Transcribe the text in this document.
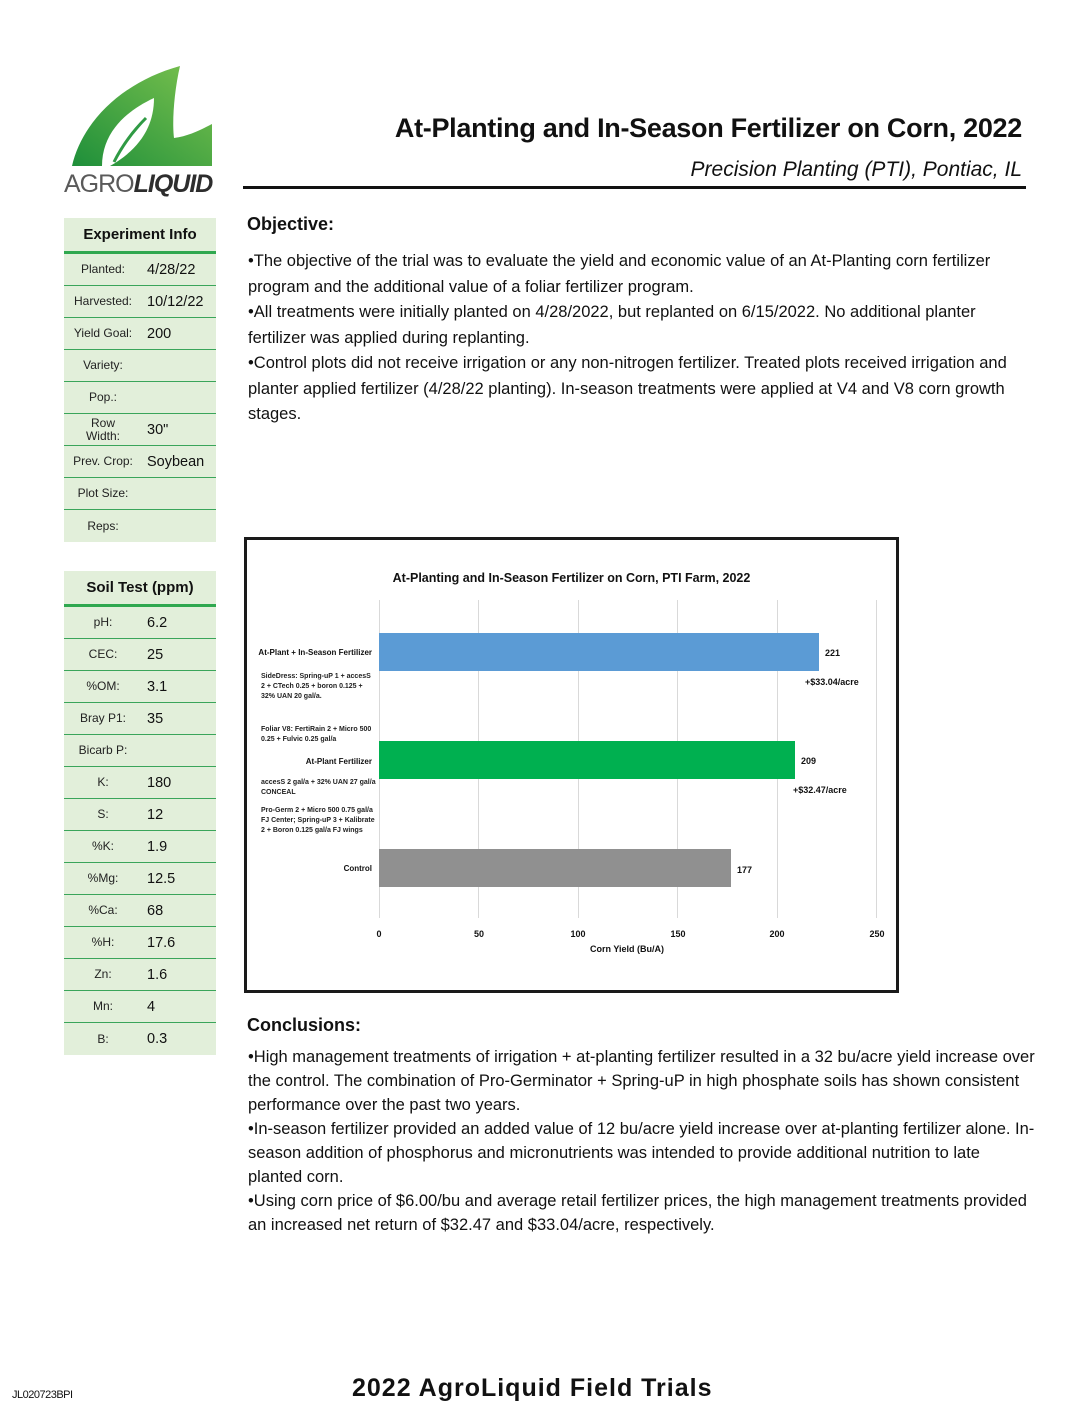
AGROLIQUID
At-Planting and In-Season Fertilizer on Corn, 2022
Precision Planting (PTI), Pontiac, IL
Experiment Info
Planted:	4/28/22
Harvested:	10/12/22
Yield Goal:	200
Variety:
Pop.:
Row Width:	30"
Prev. Crop: Soybean
Plot Size:
Reps:
Soil Test (ppm)
pH:	6.2
CEC:	25
%OM:	3.1
Bray P1:	35
Bicarb P:
K:	180
S:	12
%K:	1.9
%Mg:	12.5
%Ca:	68
%H:	17.6
Zn:	1.6
Mn:	4
B:	0.3
Objective:

•The objective of the trial was to evaluate the yield and economic value of an At-Planting corn fertilizer program and the additional value of a foliar fertilizer program.

•All treatments were initially planted on 4/28/2022, but replanted on 6/15/2022. No additional planter fertilizer was applied during replanting.

•Control plots did not receive irrigation or any non-nitrogen fertilizer. Treated plots received irrigation and planter applied fertilizer (4/28/22 planting). In-season treatments were applied at V4 and V8 corn growth stages.

At-Planting and In-Season Fertilizer on Corn, PTI Farm, 2022
At-Plant + In-Season Fertilizer	221
+$33.04/acre
SideDress: Spring-uP 1 + accesS 2 + CTech 0.25 + boron 0.125 + 32% UAN 20 gal/a.
Foliar V8: FertiRain 2 + Micro 500 0.25 + Fulvic 0.25 gal/a
At-Plant Fertilizer	209
+$32.47/acre
accesS 2 gal/a + 32% UAN 27 gal/a CONCEAL
Pro-Germ 2 + Micro 500 0.75 gal/a FJ Center; Spring-uP 3 + Kalibrate 2 + Boron 0.125 gal/a FJ wings
Control	177
0	50	100	150	200	250
Corn Yield (Bu/A)
Conclusions:

•High management treatments of irrigation + at-planting fertilizer resulted in a 32 bu/acre yield increase over the control. The combination of Pro-Germinator + Spring-uP in high phosphate soils has shown consistent performance over the past two years.

•In-season fertilizer provided an added value of 12 bu/acre yield increase over at-planting fertilizer alone. In-season addition of phosphorus and micronutrients was intended to provide additional nutrition to late planted corn.

•Using corn price of $6.00/bu and average retail fertilizer prices, the high management treatments provided an increased net return of $32.47 and $33.04/acre, respectively.

JL020723BPI	2022 AgroLiquid Field Trials
